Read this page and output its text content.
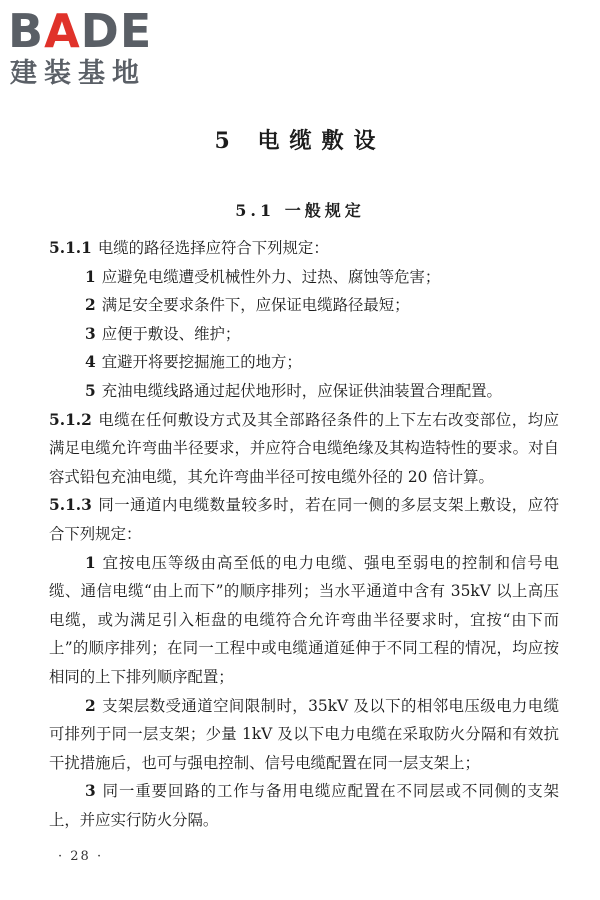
BADE
建装基地
5 电缆敷设
5.1 一般规定

5.1.1 电缆的路径选择应符合下列规定：

1 应避免电缆遭受机械性外力、过热、腐蚀等危害；

2 满足安全要求条件下，应保证电缆路径最短；

3 应便于敷设、维护；

4 宜避开将要挖掘施工的地方；

5 充油电缆线路通过起伏地形时，应保证供油装置合理配置。

5.1.2 电缆在任何敷设方式及其全部路径条件的上下左右改变部位，均应满足电缆允许弯曲半径要求，并应符合电缆绝缘及其构造特性的要求。对自容式铅包充油电缆，其允许弯曲半径可按电缆外径的 20 倍计算。

5.1.3 同一通道内电缆数量较多时，若在同一侧的多层支架上敷设，应符合下列规定：

1 宜按电压等级由高至低的电力电缆、强电至弱电的控制和信号电缆、通信电缆“由上而下”的顺序排列；当水平通道中含有 35kV 以上高压电缆，或为满足引入柜盘的电缆符合允许弯曲半径要求时，宜按“由下而上”的顺序排列；在同一工程中或电缆通道延伸于不同工程的情况，均应按相同的上下排列顺序配置；

2 支架层数受通道空间限制时，35kV 及以下的相邻电压级电力电缆可排列于同一层支架；少量 1kV 及以下电力电缆在采取防火分隔和有效抗干扰措施后，也可与强电控制、信号电缆配置在同一层支架上；

3 同一重要回路的工作与备用电缆应配置在不同层或不同侧的支架上，并应实行防火分隔。

· 28 ·
